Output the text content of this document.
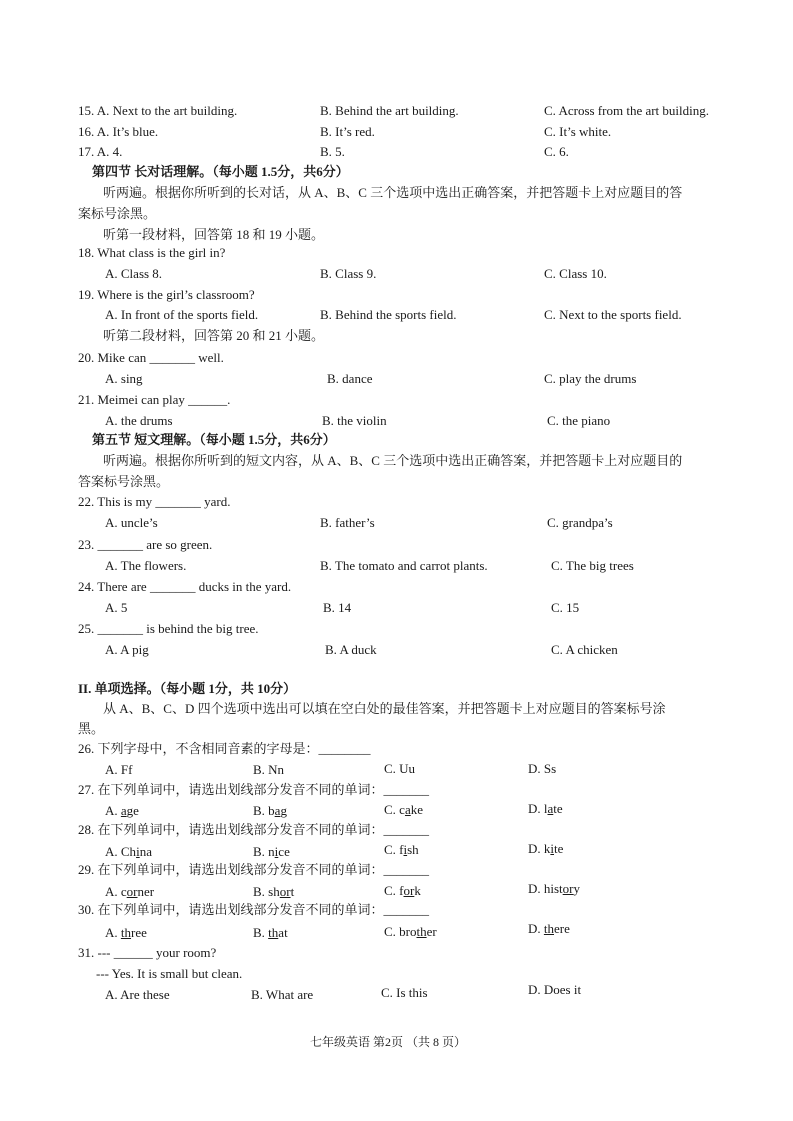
15. A. Next to the art building.	B. Behind the art building.	C. Across from the art building.
16. A. It’s blue.	B. It’s red.	C. It’s white.
17. A. 4.	B. 5.	C. 6.
第四节 长对话理解。（每小题 1.5分，共6分）
听两遍。根据你所听到的长对话，从 A、B、C 三个选项中选出正确答案，并把答题卡上对应题目的答
案标号涂黑。
听第一段材料，回答第 18 和 19 小题。
18. What class is the girl in?
A. Class 8.	B. Class 9.	C. Class 10.
19. Where is the girl’s classroom?
A. In front of the sports field.	B. Behind the sports field.	C. Next to the sports field.
听第二段材料，回答第 20 和 21 小题。
20. Mike can _______ well.
A. sing	B. dance	C. play the drums
21. Meimei can play ______.
A. the drums	B. the violin	C. the piano
第五节 短文理解。（每小题 1.5分，共6分）
听两遍。根据你所听到的短文内容，从 A、B、C 三个选项中选出正确答案，并把答题卡上对应题目的
答案标号涂黑。
22. This is my _______ yard.
A. uncle’s	B. father’s	C. grandpa’s
23. _______ are so green.
A. The flowers.	B. The tomato and carrot plants.	C. The big trees
24. There are _______ ducks in the yard.
A. 5	B. 14	C. 15
25. _______ is behind the big tree.
A. A pig	B. A duck	C. A chicken
II. 单项选择。（每小题 1分，共 10分）
从 A、B、C、D 四个选项中选出可以填在空白处的最佳答案，并把答题卡上对应题目的答案标号涂
黑。
26. 下列字母中，不含相同音素的字母是：________
A. Ff	B. Nn	C. Uu	D. Ss
27. 在下列单词中，请选出划线部分发音不同的单词：_______
A. age	B. bag	C. cake	D. late
28. 在下列单词中，请选出划线部分发音不同的单词：_______
A. China	B. nice	C. fish	D. kite
29. 在下列单词中，请选出划线部分发音不同的单词：_______
A. corner	B. short	C. fork	D. history
30. 在下列单词中，请选出划线部分发音不同的单词：_______
A. three	B. that	C. brother	D. there
31. --- ______ your room?
--- Yes. It is small but clean.
A. Are these	B. What are	C. Is this	D. Does it
七年级英语 第2页 （共 8 页）
